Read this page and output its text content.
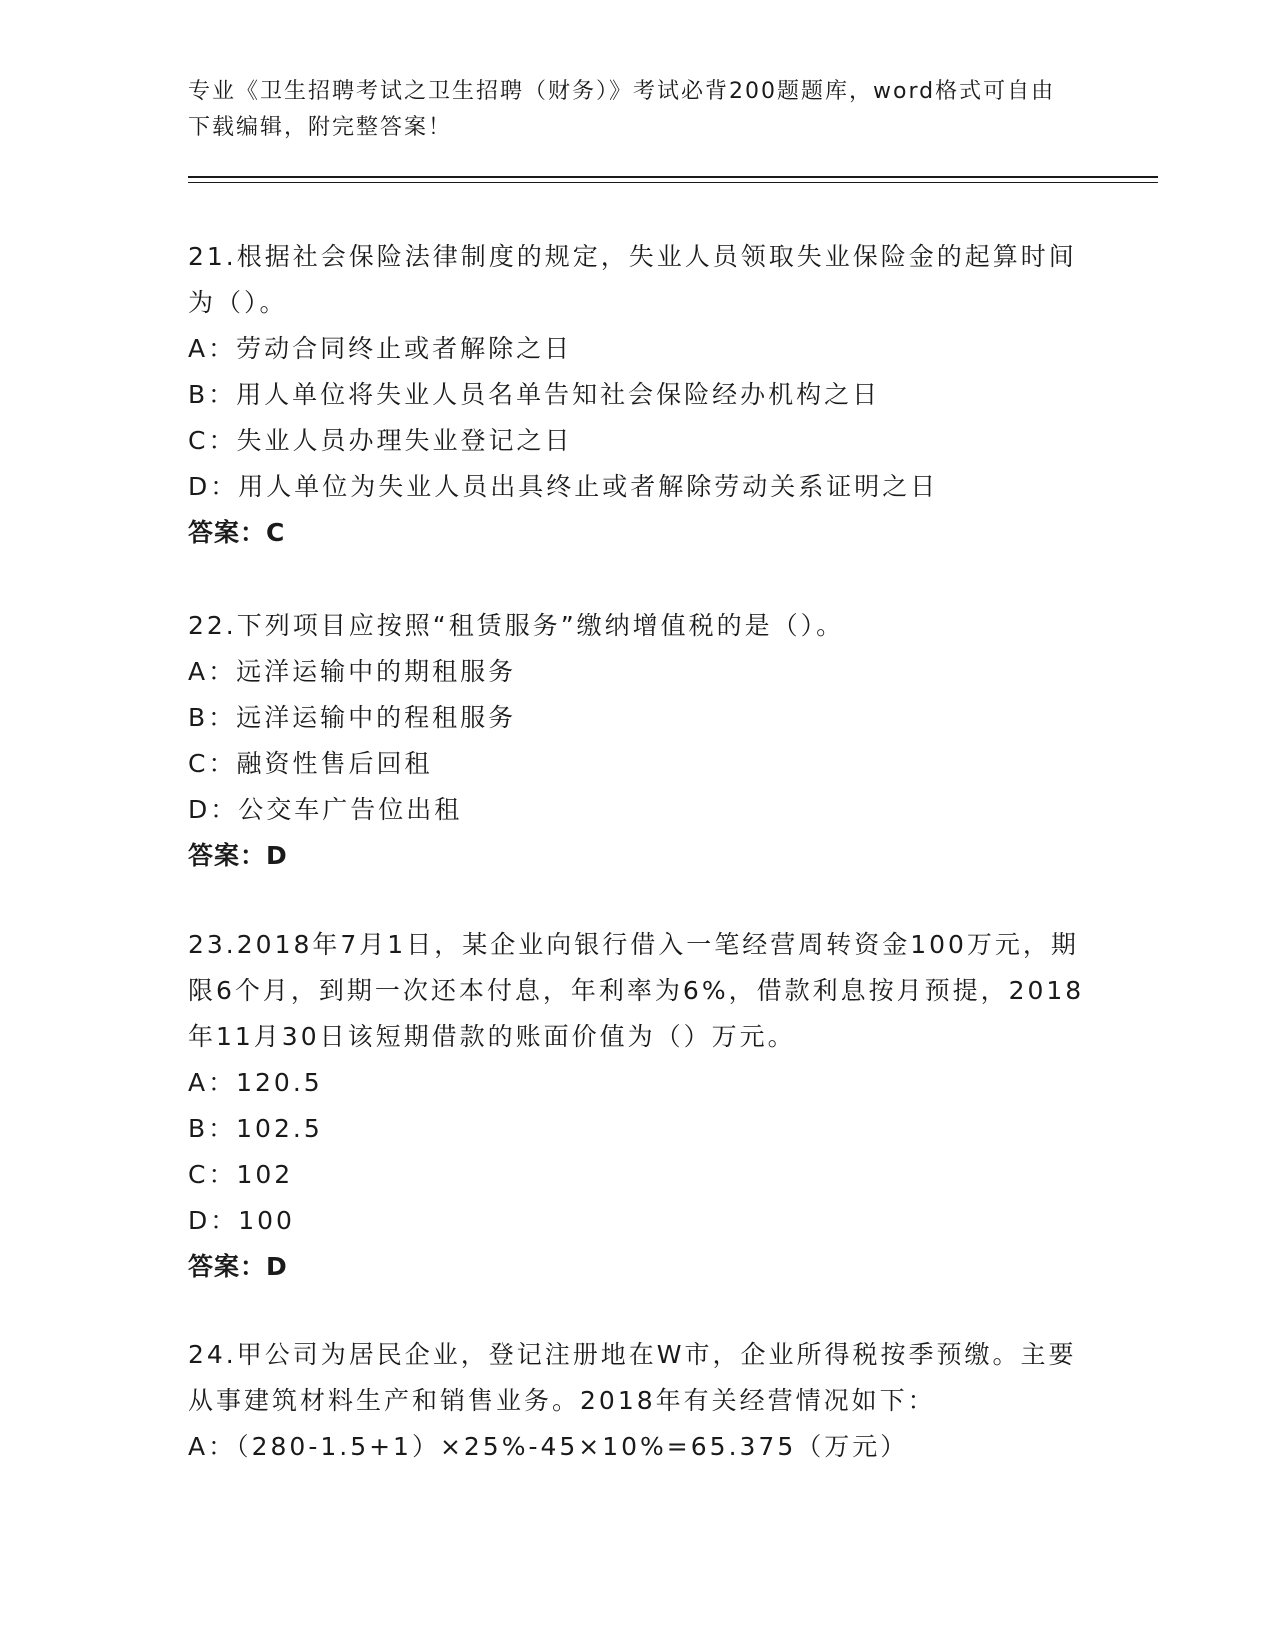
专业《卫生招聘考试之卫生招聘（财务）》考试必背200题题库，word格式可自由下载编辑，附完整答案！
21.根据社会保险法律制度的规定，失业人员领取失业保险金的起算时间为（）。
A：劳动合同终止或者解除之日
B：用人单位将失业人员名单告知社会保险经办机构之日
C：失业人员办理失业登记之日
D：用人单位为失业人员出具终止或者解除劳动关系证明之日
答案：C
22.下列项目应按照“租赁服务”缴纳增值税的是（）。
A：远洋运输中的期租服务
B：远洋运输中的程租服务
C：融资性售后回租
D：公交车广告位出租
答案：D
23.2018年7月1日，某企业向银行借入一笔经营周转资金100万元，期限6个月，到期一次还本付息，年利率为6%，借款利息按月预提，2018年11月30日该短期借款的账面价值为（）万元。
A：120.5
B：102.5
C：102
D：100
答案：D
24.甲公司为居民企业，登记注册地在W市，企业所得税按季预缴。主要从事建筑材料生产和销售业务。2018年有关经营情况如下：
A：（280-1.5+1）×25%-45×10%=65.375（万元）
